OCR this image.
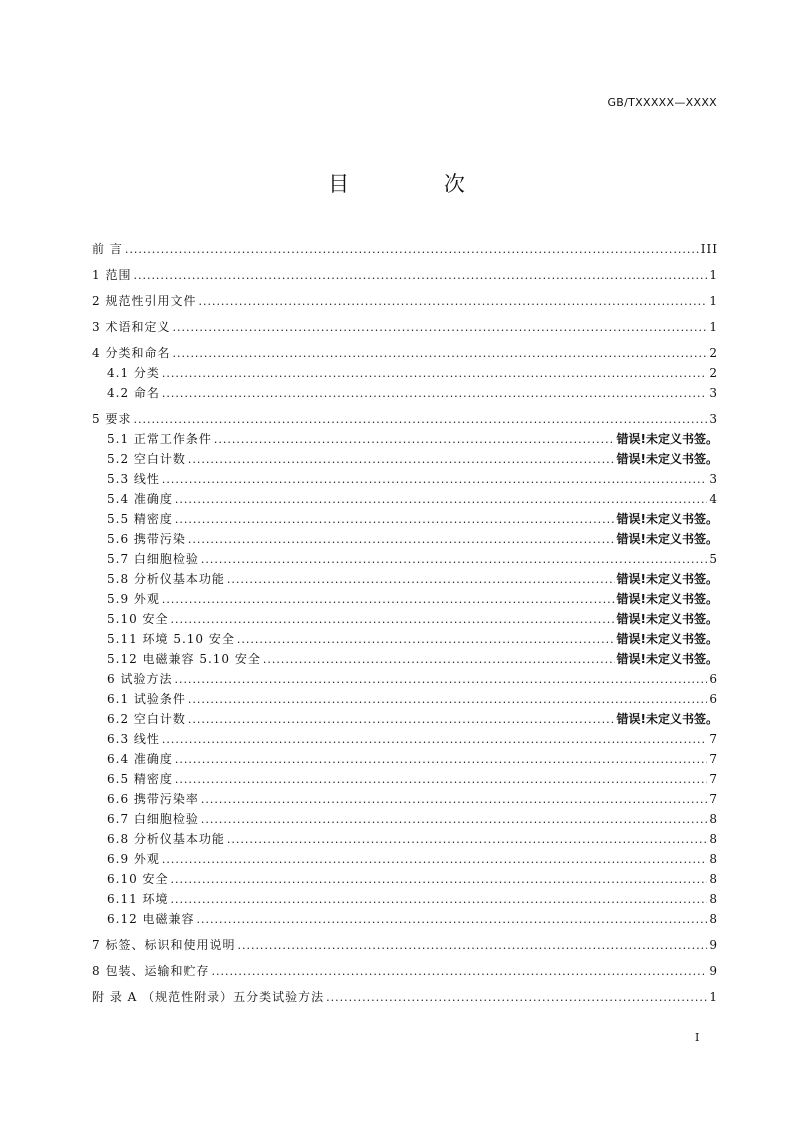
GB/TXXXXX—XXXX
目 次
前 言 .....	III
1 范围 .....	1
2 规范性引用文件 .....	1
3 术语和定义 .....	1
4 分类和命名 .....	2
4.1 分类 .....	2
4.2 命名 .....	3
5 要求 .....	3
5.1 正常工作条件 .....	错误!未定义书签。
5.2 空白计数 .....	错误!未定义书签。
5.3 线性 .....	3
5.4 准确度 .....	4
5.5 精密度 .....	错误!未定义书签。
5.6 携带污染 .....	错误!未定义书签。
5.7 白细胞检验 .....	5
5.8 分析仪基本功能 .....	错误!未定义书签。
5.9 外观 .....	错误!未定义书签。
5.10 安全 .....	错误!未定义书签。
5.11 环境 5.10 安全 .....	错误!未定义书签。
5.12 电磁兼容 5.10 安全 .....	错误!未定义书签。
6 试验方法 .....	6
6.1 试验条件 .....	6
6.2 空白计数 .....	错误!未定义书签。
6.3 线性 .....	7
6.4 准确度 .....	7
6.5 精密度 .....	7
6.6 携带污染率 .....	7
6.7 白细胞检验 .....	8
6.8 分析仪基本功能 .....	8
6.9 外观 .....	8
6.10 安全 .....	8
6.11 环境 .....	8
6.12 电磁兼容 .....	8
7 标签、标识和使用说明 .....	9
8 包装、运输和贮存 .....	9
附 录 A （规范性附录）五分类试验方法 .....	1
I
